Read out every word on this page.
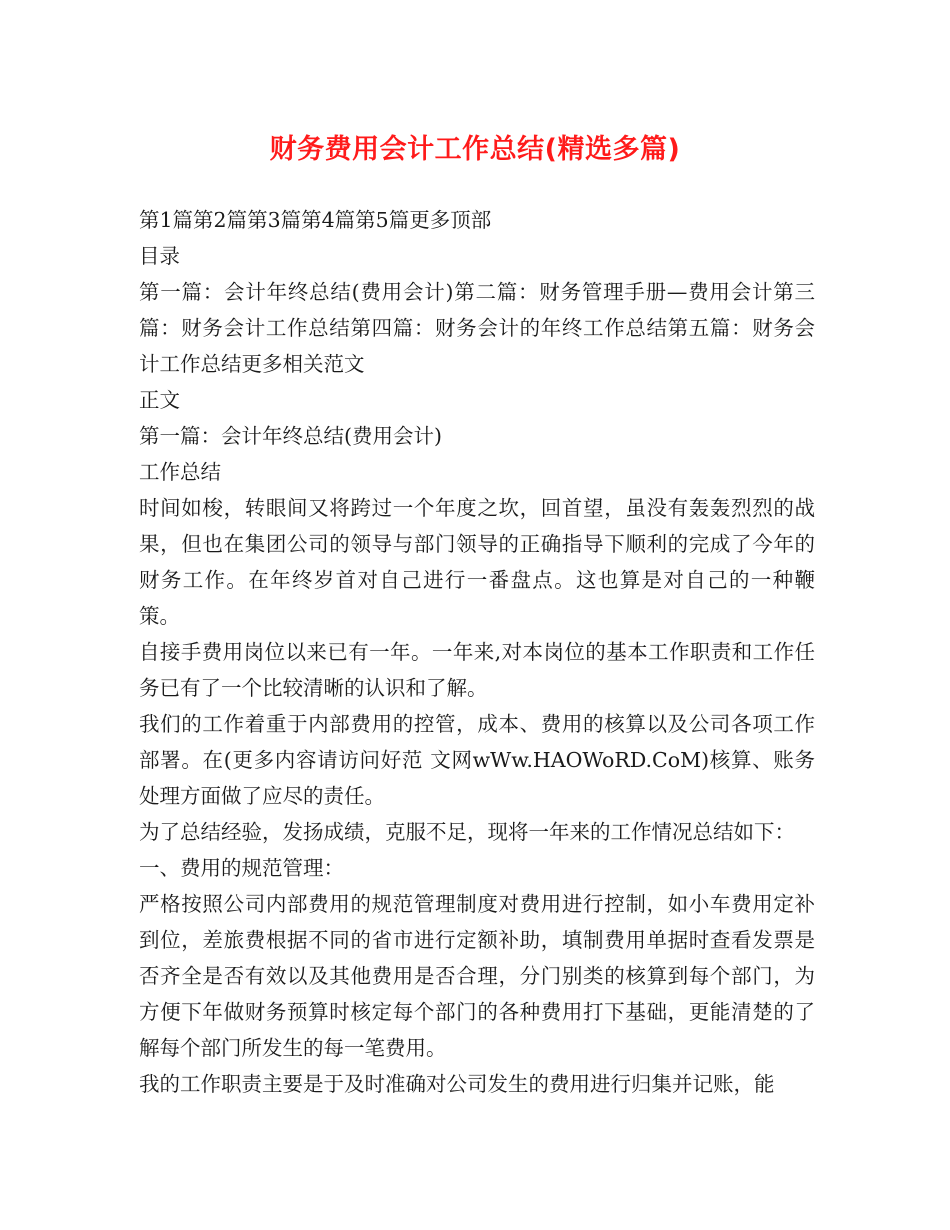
财务费用会计工作总结(精选多篇)

第1篇第2篇第3篇第4篇第5篇更多顶部

目录

第一篇：会计年终总结(费用会计)第二篇：财务管理手册—费用会计第三篇：财务会计工作总结第四篇：财务会计的年终工作总结第五篇：财务会计工作总结更多相关范文

正文

第一篇：会计年终总结(费用会计)

工作总结

时间如梭，转眼间又将跨过一个年度之坎，回首望，虽没有轰轰烈烈的战果，但也在集团公司的领导与部门领导的正确指导下顺利的完成了今年的财务工作。在年终岁首对自己进行一番盘点。这也算是对自己的一种鞭策。

自接手费用岗位以来已有一年。一年来,对本岗位的基本工作职责和工作任务已有了一个比较清晰的认识和了解。

我们的工作着重于内部费用的控管，成本、费用的核算以及公司各项工作部署。在(更多内容请访问好范 文网wWw.HAOWoRD.CoM)核算、账务处理方面做了应尽的责任。

为了总结经验，发扬成绩，克服不足，现将一年来的工作情况总结如下：

一、费用的规范管理：

严格按照公司内部费用的规范管理制度对费用进行控制，如小车费用定补到位，差旅费根据不同的省市进行定额补助，填制费用单据时查看发票是否齐全是否有效以及其他费用是否合理，分门别类的核算到每个部门，为方便下年做财务预算时核定每个部门的各种费用打下基础，更能清楚的了解每个部门所发生的每一笔费用。

我的工作职责主要是于及时准确对公司发生的费用进行归集并记账，能
